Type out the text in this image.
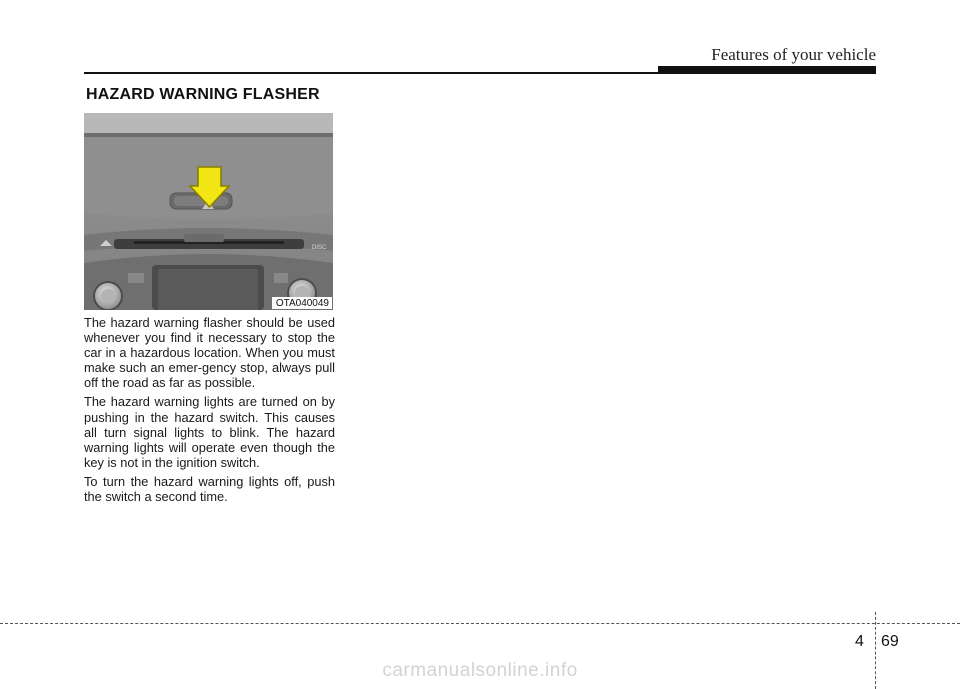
Features of your vehicle
HAZARD WARNING FLASHER
DISC
OTA040049

The hazard warning flasher should be used whenever you find it necessary to stop the car in a hazardous location. When you must make such an emer-gency stop, always pull off the road as far as possible.

The hazard warning lights are turned on by pushing in the hazard switch. This causes all turn signal lights to blink. The hazard warning lights will operate even though the key is not in the ignition switch.

To turn the hazard warning lights off, push the switch a second time.

4 69
carmanualsonline.info
